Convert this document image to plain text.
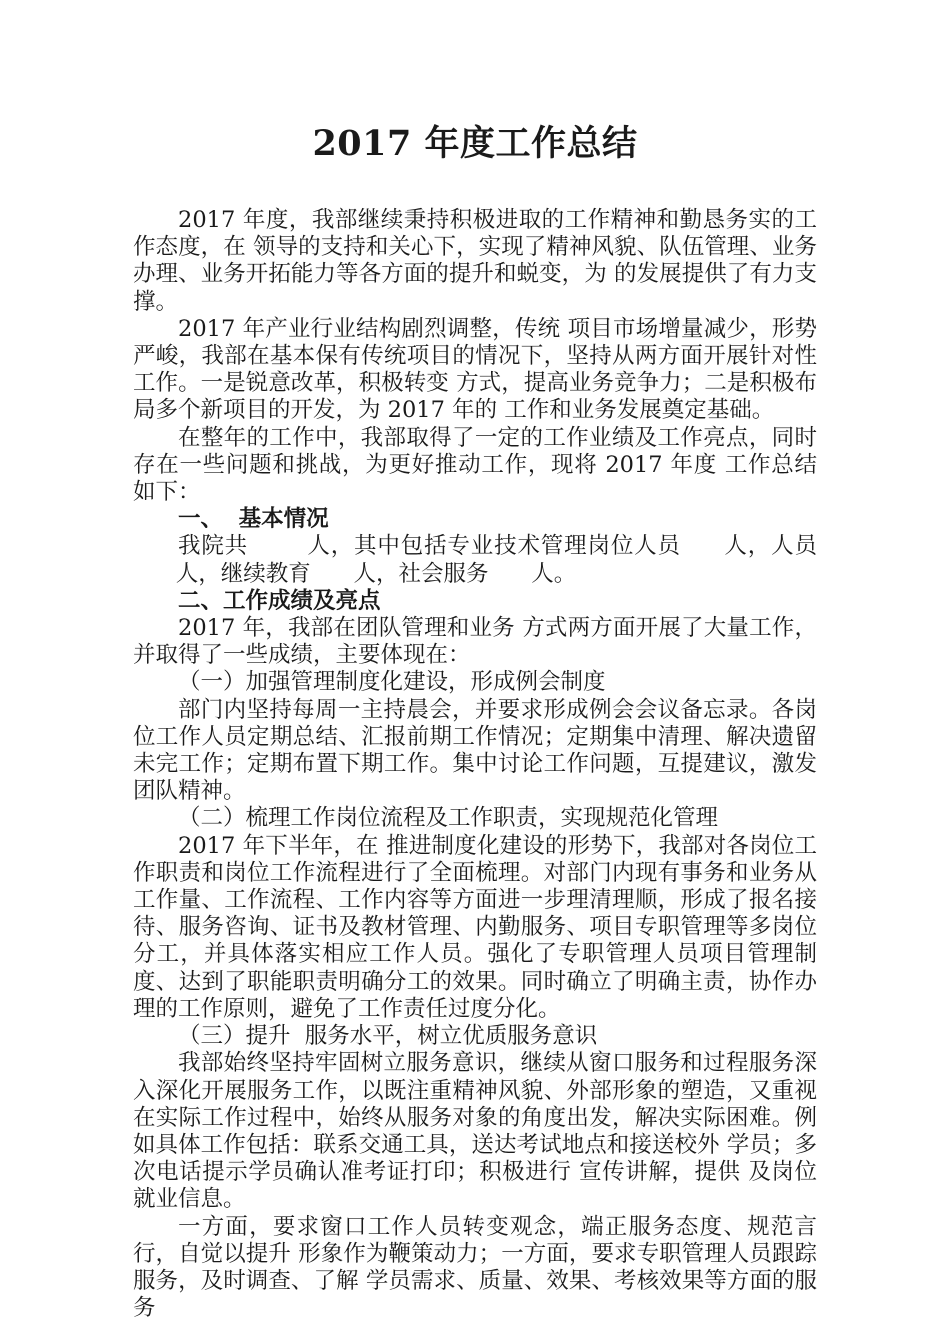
2017 年度工作总结

2017 年度，我部继续秉持积极进取的工作精神和勤恳务实的工作态度，在 领导的支持和关心下，实现了精神风貌、队伍管理、业务办理、业务开拓能力等各方面的提升和蜕变，为 的发展提供了有力支撑。

2017 年产业行业结构剧烈调整，传统 项目市场增量减少，形势严峻，我部在基本保有传统项目的情况下，坚持从两方面开展针对性工作。一是锐意改革，积极转变 方式，提高业务竞争力；二是积极布局多个新项目的开发，为 2017 年的 工作和业务发展奠定基础。

在整年的工作中，我部取得了一定的工作业绩及工作亮点，同时存在一些问题和挑战，为更好推动工作，现将 2017 年度 工作总结如下：

一、  基本情况

我院共	人，其中包括专业技术管理岗位人员 人，人员人，继续教育 人，社会服务 人。

二、工作成绩及亮点

2017 年，我部在团队管理和业务 方式两方面开展了大量工作，并取得了一些成绩，主要体现在：

（一）加强管理制度化建设，形成例会制度

部门内坚持每周一主持晨会，并要求形成例会会议备忘录。各岗位工作人员定期总结、汇报前期工作情况；定期集中清理、解决遗留未完工作；定期布置下期工作。集中讨论工作问题，互提建议，激发团队精神。

（二）梳理工作岗位流程及工作职责，实现规范化管理

2017 年下半年，在 推进制度化建设的形势下，我部对各岗位工作职责和岗位工作流程进行了全面梳理。对部门内现有事务和业务从工作量、工作流程、工作内容等方面进一步理清理顺，形成了报名接待、服务咨询、证书及教材管理、内勤服务、项目专职管理等多岗位分工，并具体落实相应工作人员。强化了专职管理人员项目管理制度、达到了职能职责明确分工的效果。同时确立了明确主责，协作办理的工作原则，避免了工作责任过度分化。

（三）提升  服务水平，树立优质服务意识

我部始终坚持牢固树立服务意识，继续从窗口服务和过程服务深入深化开展服务工作，以既注重精神风貌、外部形象的塑造，又重视在实际工作过程中，始终从服务对象的角度出发，解决实际困难。例如具体工作包括：联系交通工具，送达考试地点和接送校外 学员；多次电话提示学员确认准考证打印；积极进行 宣传讲解，提供 及岗位就业信息。

一方面，要求窗口工作人员转变观念，端正服务态度、规范言行，自觉以提升 形象作为鞭策动力；一方面，要求专职管理人员跟踪服务，及时调查、了解 学员需求、质量、效果、考核效果等方面的服务
